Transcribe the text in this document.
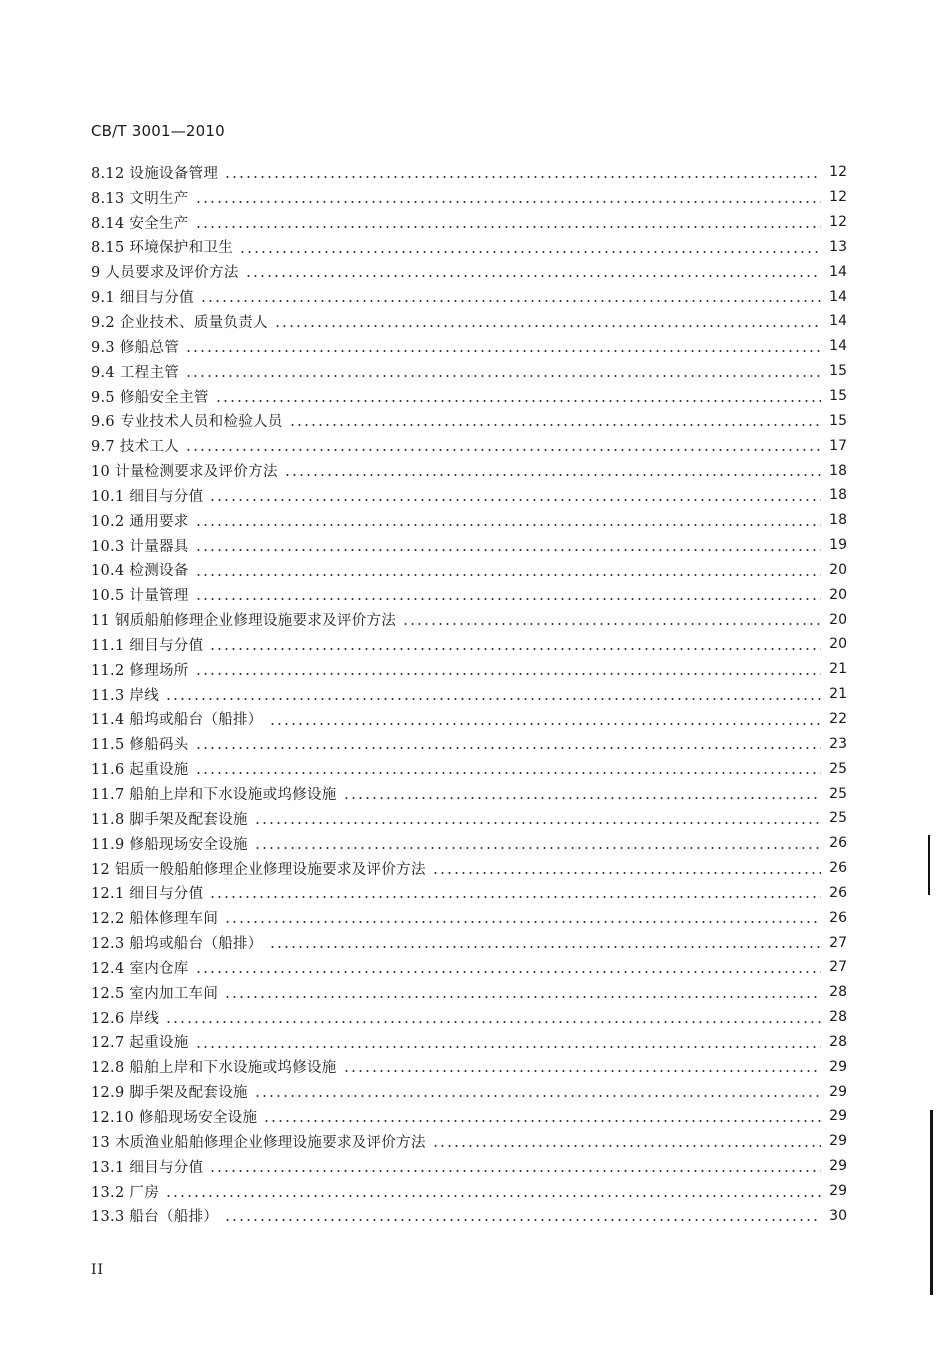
CB/T 3001—2010
8.12 设施设备管理	12
8.13 文明生产	12
8.14 安全生产	12
8.15 环境保护和卫生	13
9 人员要求及评价方法	14
9.1 细目与分值	14
9.2 企业技术、质量负责人	14
9.3 修船总管	14
9.4 工程主管	15
9.5 修船安全主管	15
9.6 专业技术人员和检验人员	15
9.7 技术工人	17
10 计量检测要求及评价方法	18
10.1 细目与分值	18
10.2 通用要求	18
10.3 计量器具	19
10.4 检测设备	20
10.5 计量管理	20
11 钢质船舶修理企业修理设施要求及评价方法	20
11.1 细目与分值	20
11.2 修理场所	21
11.3 岸线	21
11.4 船坞或船台（船排）	22
11.5 修船码头	23
11.6 起重设施	25
11.7 船舶上岸和下水设施或坞修设施	25
11.8 脚手架及配套设施	25
11.9 修船现场安全设施	26
12 铝质一般船舶修理企业修理设施要求及评价方法	26
12.1 细目与分值	26
12.2 船体修理车间	26
12.3 船坞或船台（船排）	27
12.4 室内仓库	27
12.5 室内加工车间	28
12.6 岸线	28
12.7 起重设施	28
12.8 船舶上岸和下水设施或坞修设施	29
12.9 脚手架及配套设施	29
12.10 修船现场安全设施	29
13 木质渔业船舶修理企业修理设施要求及评价方法	29
13.1 细目与分值	29
13.2 厂房	29
13.3 船台（船排）	30
II
